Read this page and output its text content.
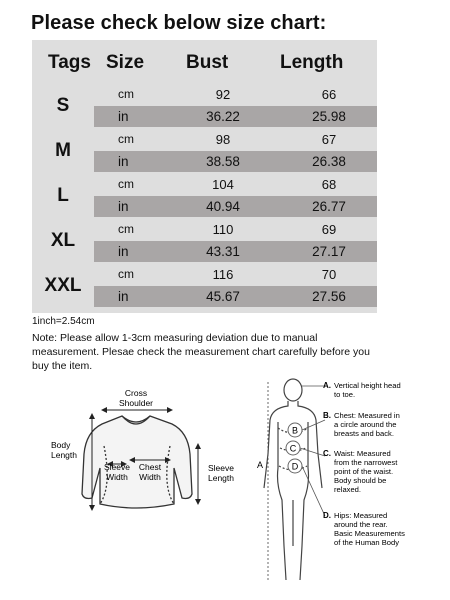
Please check below size chart:
Tags Size Bust	Length
S
cm	92	66
in	36.22	25.98
M
cm	98	67
in	38.58	26.38
L
cm	104	68
in	40.94	26.77
XL
cm	110	69
in	43.31	27.17
XXL
cm	116	70
in	45.67	27.56
1inch=2.54cm
Note: Please allow 1-3cm measuring deviation due to manual measurement. Plesae check the measurement chart carefully before you buy the item.
Cross
Shoulder
Body
Length
Sleeve
Width
Chest
Width
Sleeve
Length
B
C
D
A
A. Vertical height head
to toe.
B. Chest: Measured in
a circle around the
breasts and back.
C. Waist: Measured
from the narrowest
point of the waist.
Body should be
relaxed.
D. Hips: Measured
around the rear.
Basic Measurements
of the Human Body
